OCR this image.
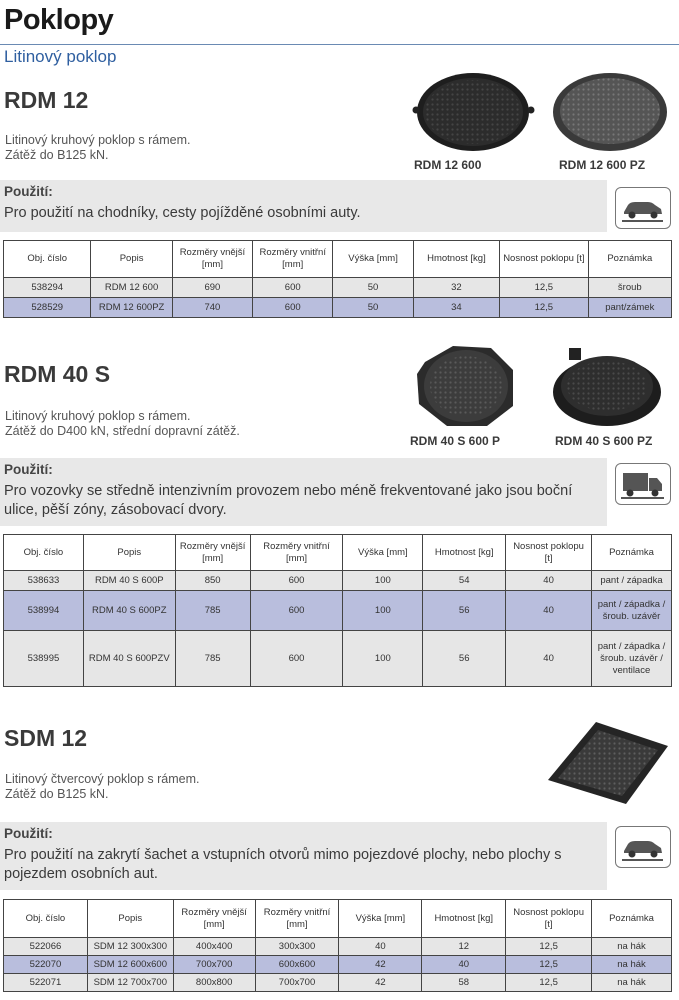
Poklopy
Litinový poklop
RDM 12
Litinový kruhový poklop s rámem.
Zátěž do B125 kN.
RDM 12 600	RDM 12 600 PZ
Použití:
Pro použití na chodníky, cesty pojížděné osobními auty.
Obj. číslo	Popis	Rozměry vnější [mm]	Rozměry vnitřní [mm]	Výška [mm]	Hmotnost [kg]	Nosnost poklopu [t]	Poznámka
538294	RDM 12 600	690	600	50	32	12,5	šroub
528529	RDM 12 600PZ	740	600	50	34	12,5	pant/zámek
RDM 40 S
Litinový kruhový poklop s rámem.
Zátěž do D400 kN, střední dopravní zátěž.
RDM 40 S 600 P	RDM 40 S 600 PZ
Použití:
Pro vozovky se středně intenzivním provozem nebo méně frekventované jako jsou boční ulice, pěší zóny, zásobovací dvory.
Obj. číslo	Popis	Rozměry vnější [mm]	Rozměry vnitřní [mm]	Výška [mm]	Hmotnost [kg]	Nosnost poklopu [t]	Poznámka
538633	RDM 40 S 600P	850	600	100	54	40	pant / západka
538994	RDM 40 S 600PZ	785	600	100	56	40	pant / západka / šroub. uzávěr
538995	RDM 40 S 600PZV	785	600	100	56	40	pant / západka / šroub. uzávěr / ventilace
SDM 12
Litinový čtvercový poklop s rámem.
Zátěž do B125 kN.
Použití:
Pro použití na zakrytí šachet a vstupních otvorů mimo pojezdové plochy, nebo plochy s pojezdem osobních aut.
Obj. číslo	Popis	Rozměry vnější [mm]	Rozměry vnitřní [mm]	Výška [mm]	Hmotnost [kg]	Nosnost poklopu [t]	Poznámka
522066	SDM 12 300x300	400x400	300x300	40	12	12,5	na hák
522070	SDM 12 600x600	700x700	600x600	42	40	12,5	na hák
522071	SDM 12 700x700	800x800	700x700	42	58	12,5	na hák
